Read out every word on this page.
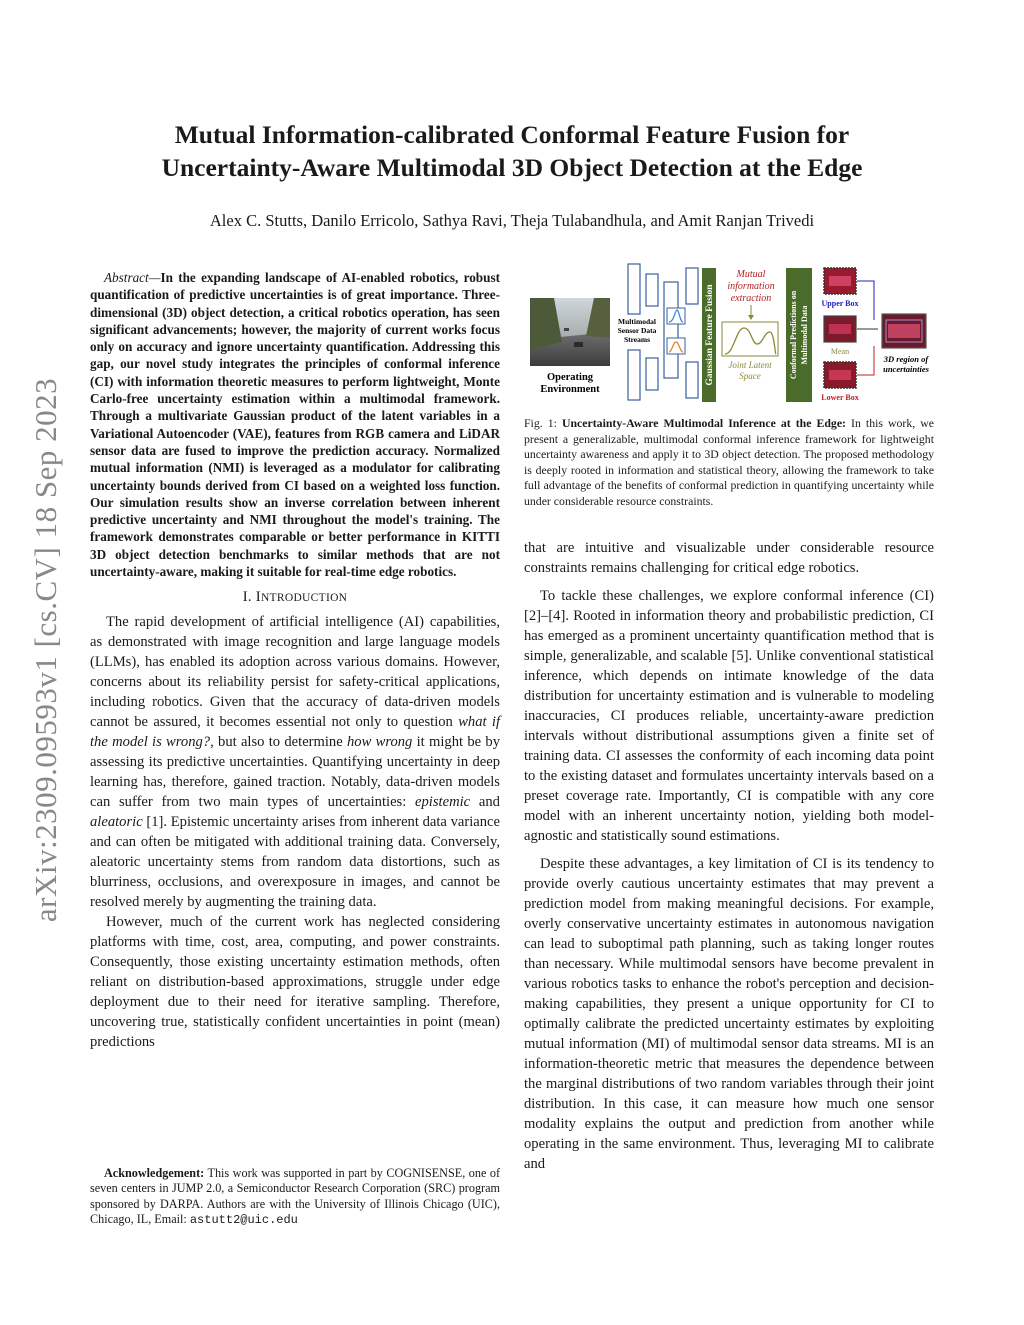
arXiv:2309.09593v1 [cs.CV] 18 Sep 2023
Mutual Information-calibrated Conformal Feature Fusion for Uncertainty-Aware Multimodal 3D Object Detection at the Edge
Alex C. Stutts, Danilo Erricolo, Sathya Ravi, Theja Tulabandhula, and Amit Ranjan Trivedi

Abstract—In the expanding landscape of AI-enabled robotics, robust quantification of predictive uncertainties is of great importance. Three-dimensional (3D) object detection, a critical robotics operation, has seen significant advancements; however, the majority of current works focus only on accuracy and ignore uncertainty quantification. Addressing this gap, our novel study integrates the principles of conformal inference (CI) with information theoretic measures to perform lightweight, Monte Carlo-free uncertainty estimation within a multimodal framework. Through a multivariate Gaussian product of the latent variables in a Variational Autoencoder (VAE), features from RGB camera and LiDAR sensor data are fused to improve the prediction accuracy. Normalized mutual information (NMI) is leveraged as a modulator for calibrating uncertainty bounds derived from CI based on a weighted loss function. Our simulation results show an inverse correlation between inherent predictive uncertainty and NMI throughout the model's training. The framework demonstrates comparable or better performance in KITTI 3D object detection benchmarks to similar methods that are not uncertainty-aware, making it suitable for real-time edge robotics.

I. INTRODUCTION

The rapid development of artificial intelligence (AI) capabilities, as demonstrated with image recognition and large language models (LLMs), has enabled its adoption across various domains. However, concerns about its reliability persist for safety-critical applications, including robotics. Given that the accuracy of data-driven models cannot be assured, it becomes essential not only to question what if the model is wrong?, but also to determine how wrong it might be by assessing its predictive uncertainties. Quantifying uncertainty in deep learning has, therefore, gained traction. Notably, data-driven models can suffer from two main types of uncertainties: epistemic and aleatoric [1]. Epistemic uncertainty arises from inherent data variance and can often be mitigated with additional training data. Conversely, aleatoric uncertainty stems from random data distortions, such as blurriness, occlusions, and overexposure in images, and cannot be resolved merely by augmenting the training data.

However, much of the current work has neglected considering platforms with time, cost, area, computing, and power constraints. Consequently, those existing uncertainty estimation methods, often reliant on distribution-based approximations, struggle under edge deployment due to their need for iterative sampling. Therefore, uncovering true, statistically confident uncertainties in point (mean) predictions

Acknowledgement: This work was supported in part by COGNISENSE, one of seven centers in JUMP 2.0, a Semiconductor Research Corporation (SRC) program sponsored by DARPA. Authors are with the University of Illinois Chicago (UIC), Chicago, IL, Email: astutt2@uic.edu
Operating
Environment
Multimodal
Sensor Data
Streams	Gaussian Feature Fusion
Mutual
information
extraction
Joint Latent
Space	Conformal Predictions on Multimodal Data
Upper Box
Mean
Lower Box
3D region of
uncertainties
Fig. 1: Uncertainty-Aware Multimodal Inference at the Edge: In this work, we present a generalizable, multimodal conformal inference framework for lightweight uncertainty awareness and apply it to 3D object detection. The proposed methodology is deeply rooted in information and statistical theory, allowing the framework to take full advantage of the benefits of conformal prediction in quantifying uncertainty while under considerable resource constraints.

that are intuitive and visualizable under considerable resource constraints remains challenging for critical edge robotics.

To tackle these challenges, we explore conformal inference (CI) [2]–[4]. Rooted in information theory and probabilistic prediction, CI has emerged as a prominent uncertainty quantification method that is simple, generalizable, and scalable [5]. Unlike conventional statistical inference, which depends on intimate knowledge of the data distribution for uncertainty estimation and is vulnerable to modeling inaccuracies, CI produces reliable, uncertainty-aware prediction intervals without distributional assumptions given a finite set of training data. CI assesses the conformity of each incoming data point to the existing dataset and formulates uncertainty intervals based on a preset coverage rate. Importantly, CI is compatible with any core model with an inherent uncertainty notion, yielding both model-agnostic and statistically sound estimations.

Despite these advantages, a key limitation of CI is its tendency to provide overly cautious uncertainty estimates that may prevent a prediction model from making meaningful decisions. For example, overly conservative uncertainty estimates in autonomous navigation can lead to suboptimal path planning, such as taking longer routes than necessary. While multimodal sensors have become prevalent in various robotics tasks to enhance the robot's perception and decision-making capabilities, they present a unique opportunity for CI to optimally calibrate the predicted uncertainty estimates by exploiting mutual information (MI) of multimodal sensor data streams. MI is an information-theoretic metric that measures the dependence between the marginal distributions of two random variables through their joint distribution. In this case, it can measure how much one sensor modality explains the output and prediction from another while operating in the same environment. Thus, leveraging MI to calibrate and
